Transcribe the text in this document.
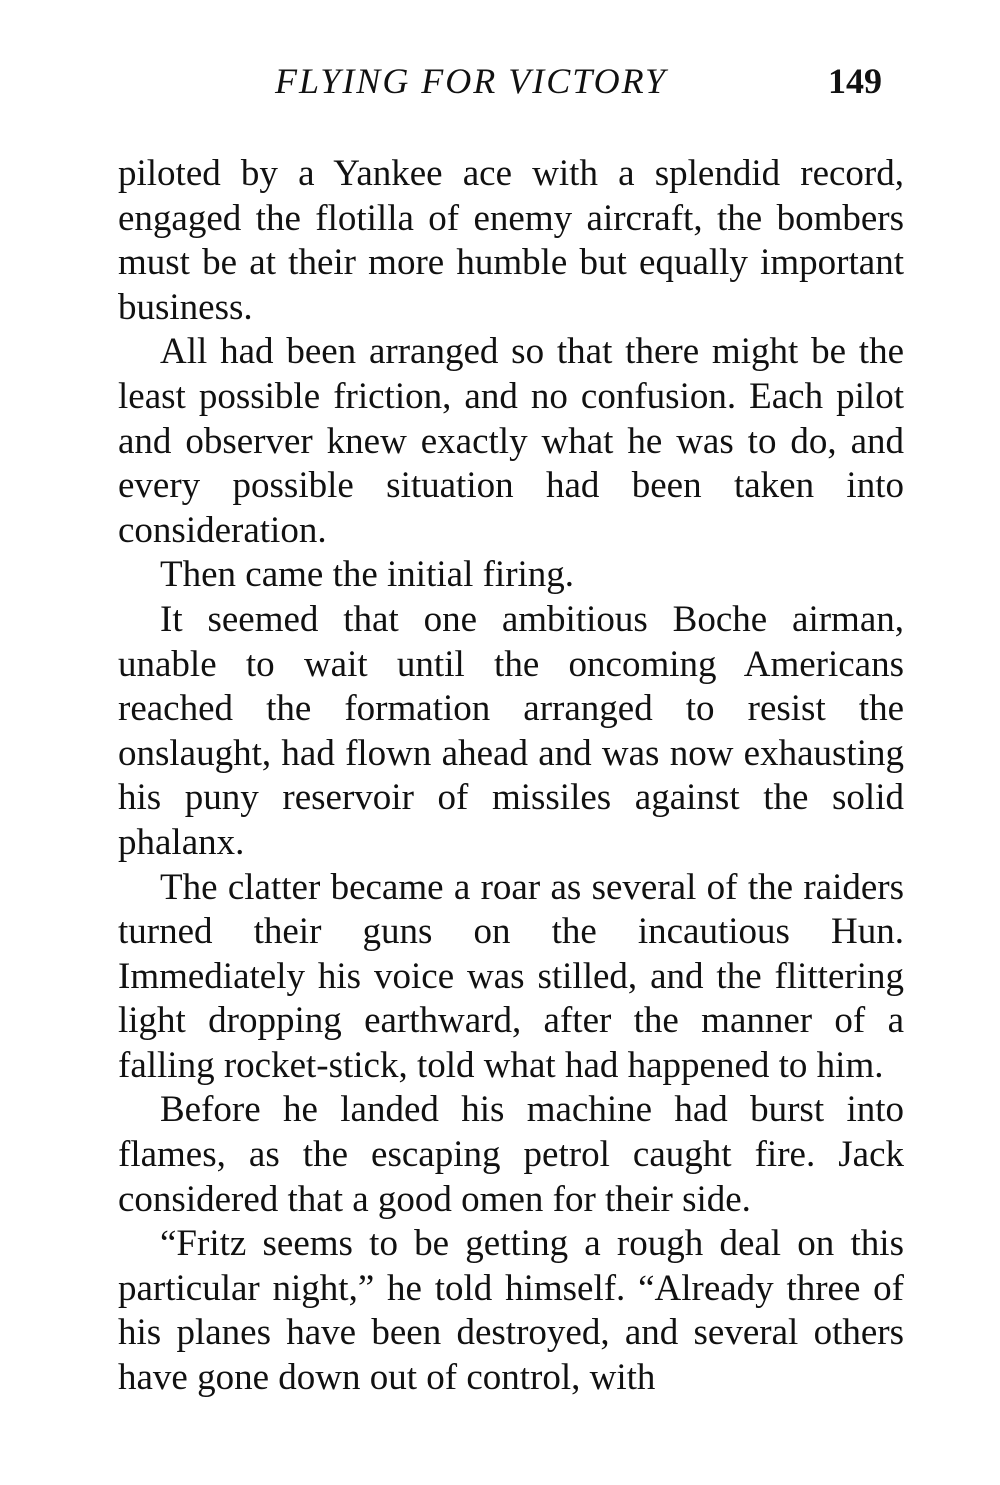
FLYING FOR VICTORY	149

piloted by a Yankee ace with a splendid record, engaged the flotilla of enemy aircraft, the bombers must be at their more humble but equally important business.

All had been arranged so that there might be the least possible friction, and no confusion. Each pilot and observer knew exactly what he was to do, and every possible situation had been taken into consideration.

Then came the initial firing.

It seemed that one ambitious Boche airman, unable to wait until the oncoming Americans reached the formation arranged to resist the onslaught, had flown ahead and was now exhausting his puny reservoir of missiles against the solid phalanx.

The clatter became a roar as several of the raiders turned their guns on the incautious Hun. Immediately his voice was stilled, and the flittering light dropping earthward, after the manner of a falling rocket-stick, told what had happened to him.

Before he landed his machine had burst into flames, as the escaping petrol caught fire. Jack considered that a good omen for their side.

“Fritz seems to be getting a rough deal on this particular night,” he told himself. “Already three of his planes have been destroyed, and several others have gone down out of control, with
